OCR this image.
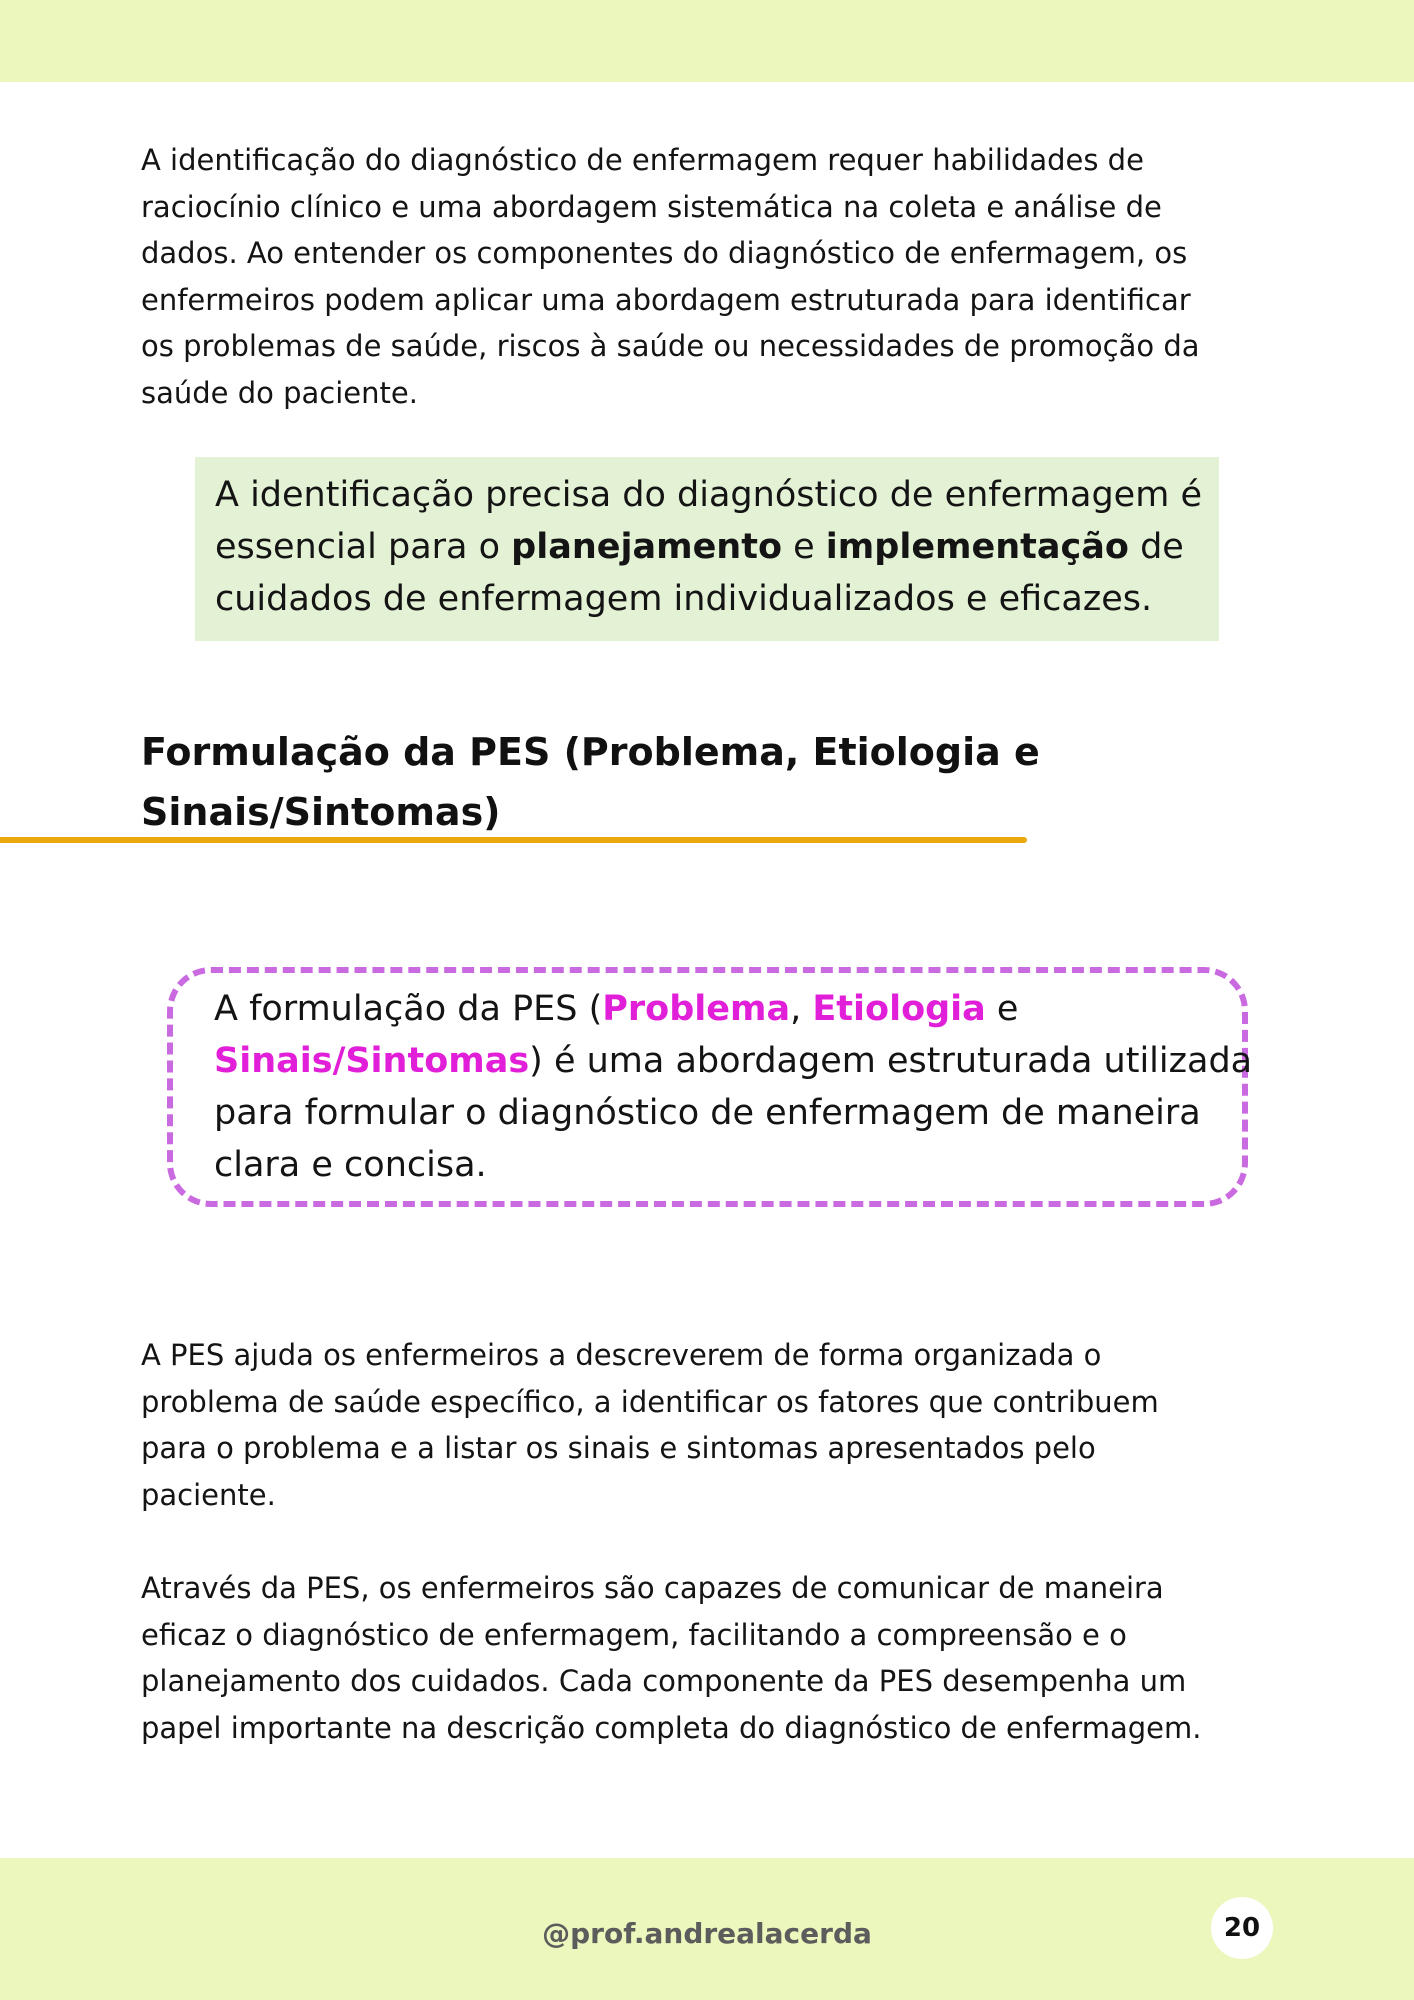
A identificação do diagnóstico de enfermagem requer habilidades de
raciocínio clínico e uma abordagem sistemática na coleta e análise de
dados. Ao entender os componentes do diagnóstico de enfermagem, os
enfermeiros podem aplicar uma abordagem estruturada para identificar
os problemas de saúde, riscos à saúde ou necessidades de promoção da
saúde do paciente.

A identificação precisa do diagnóstico de enfermagem é
essencial para o planejamento e implementação de
cuidados de enfermagem individualizados e eficazes.

Formulação da PES (Problema, Etiologia e
Sinais/Sintomas)

A formulação da PES (Problema, Etiologia e
Sinais/Sintomas) é uma abordagem estruturada utilizada
para formular o diagnóstico de enfermagem de maneira
clara e concisa.

A PES ajuda os enfermeiros a descreverem de forma organizada o
problema de saúde específico, a identificar os fatores que contribuem
para o problema e a listar os sinais e sintomas apresentados pelo
paciente.

Através da PES, os enfermeiros são capazes de comunicar de maneira
eficaz o diagnóstico de enfermagem, facilitando a compreensão e o
planejamento dos cuidados. Cada componente da PES desempenha um
papel importante na descrição completa do diagnóstico de enfermagem.

@prof.andrealacerda	20
